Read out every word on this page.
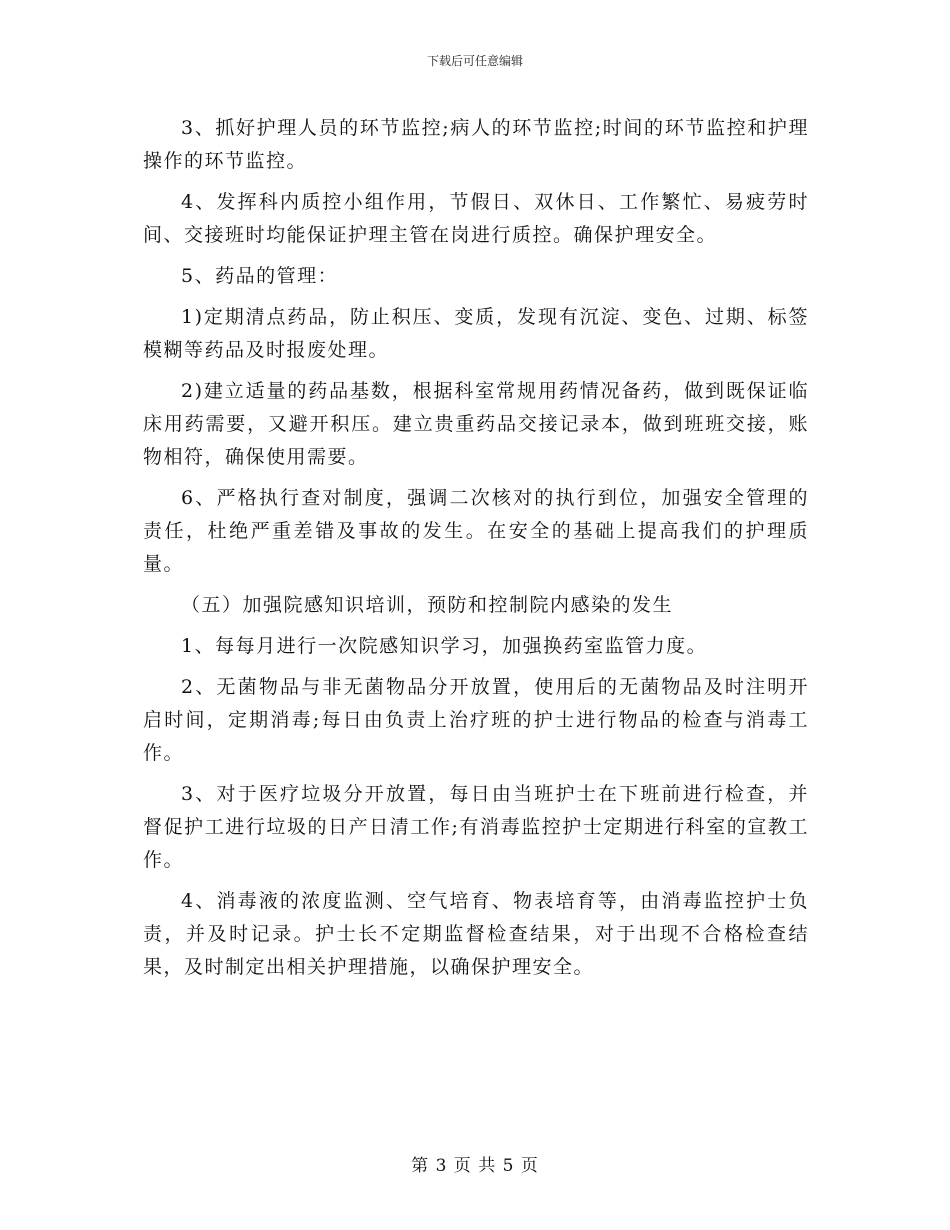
下载后可任意编辑

3、抓好护理人员的环节监控;病人的环节监控;时间的环节监控和护理操作的环节监控。

4、发挥科内质控小组作用，节假日、双休日、工作繁忙、易疲劳时间、交接班时均能保证护理主管在岗进行质控。确保护理安全。

5、药品的管理：

1)定期清点药品，防止积压、变质，发现有沉淀、变色、过期、标签模糊等药品及时报废处理。

2)建立适量的药品基数，根据科室常规用药情况备药，做到既保证临床用药需要，又避开积压。建立贵重药品交接记录本，做到班班交接，账物相符，确保使用需要。

6、严格执行查对制度，强调二次核对的执行到位，加强安全管理的责任，杜绝严重差错及事故的发生。在安全的基础上提高我们的护理质量。

（五）加强院感知识培训，预防和控制院内感染的发生

1、每每月进行一次院感知识学习，加强换药室监管力度。

2、无菌物品与非无菌物品分开放置，使用后的无菌物品及时注明开启时间，定期消毒;每日由负责上治疗班的护士进行物品的检查与消毒工作。

3、对于医疗垃圾分开放置，每日由当班护士在下班前进行检查，并督促护工进行垃圾的日产日清工作;有消毒监控护士定期进行科室的宣教工作。

4、消毒液的浓度监测、空气培育、物表培育等，由消毒监控护士负责，并及时记录。护士长不定期监督检查结果，对于出现不合格检查结果，及时制定出相关护理措施，以确保护理安全。

第 3 页 共 5 页
